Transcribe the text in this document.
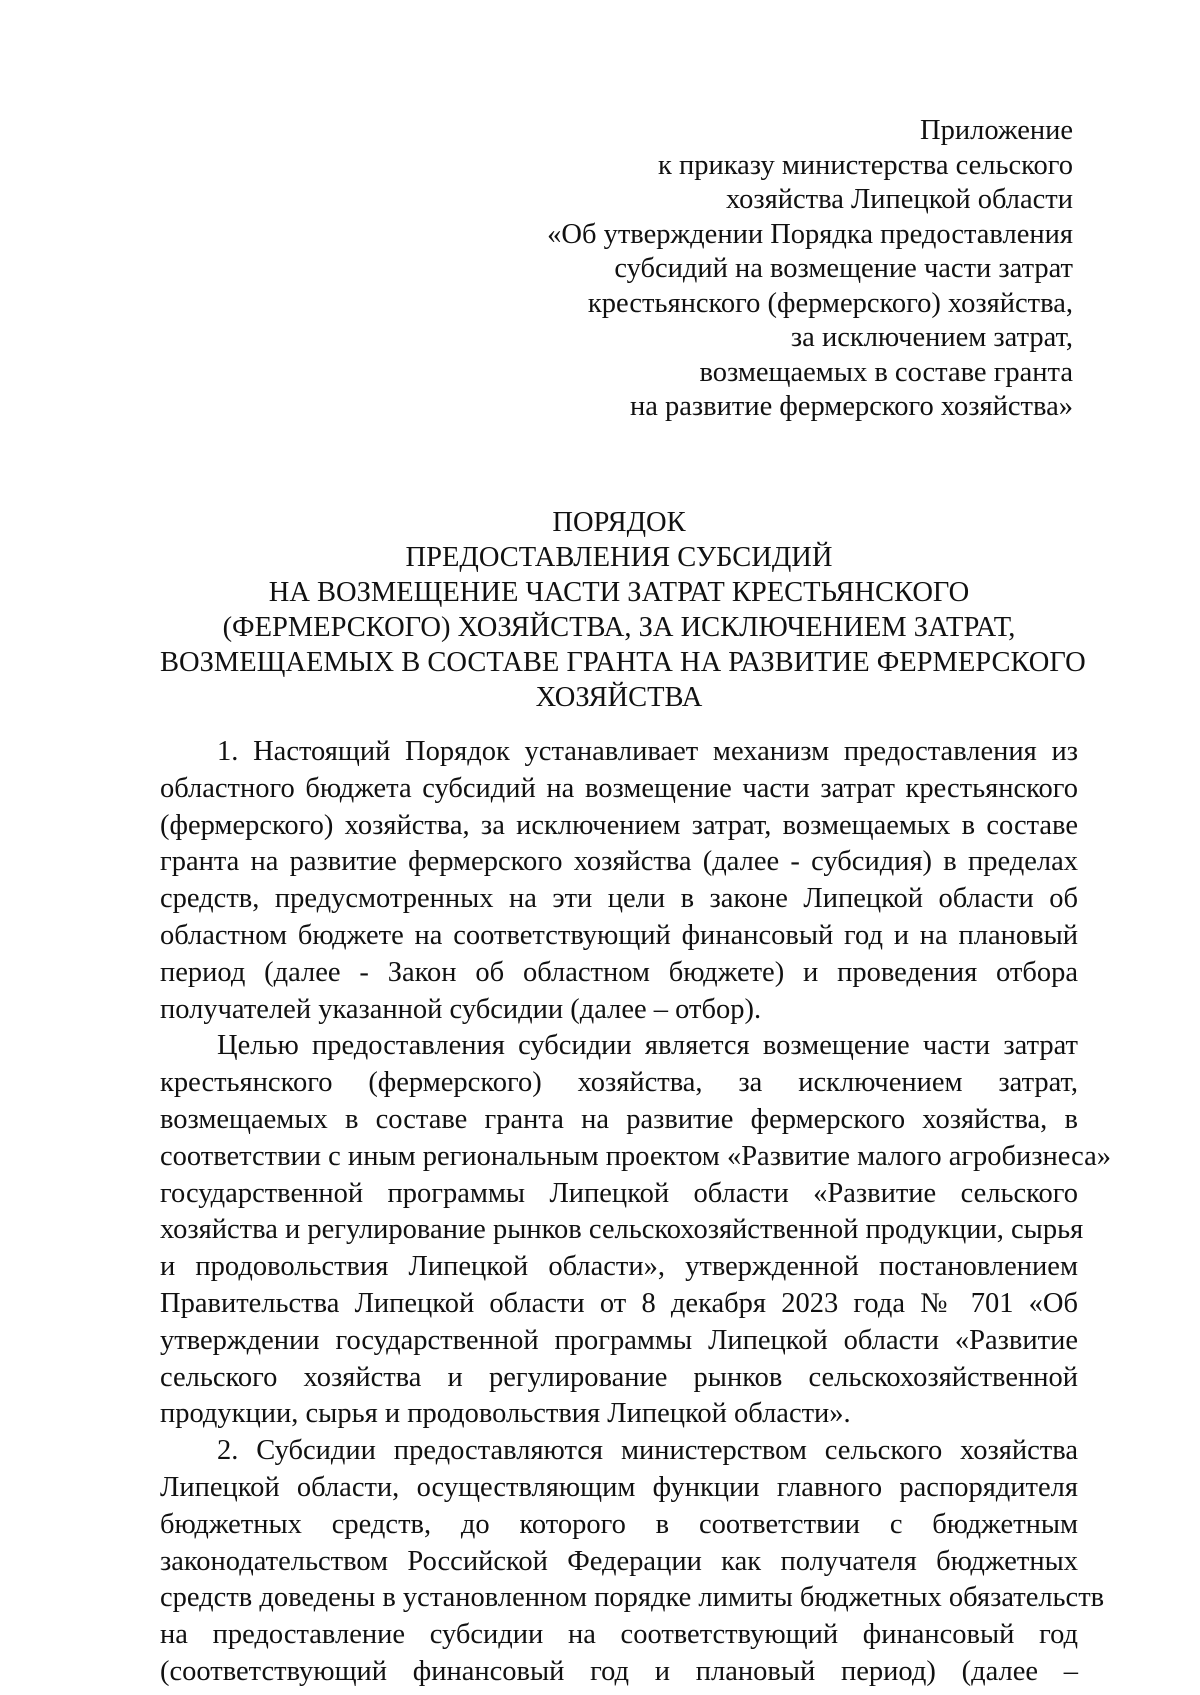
Приложение
к приказу министерства сельского
хозяйства Липецкой области
«Об утверждении Порядка предоставления
субсидий на возмещение части затрат
крестьянского (фермерского) хозяйства,
за исключением затрат,
возмещаемых в составе гранта
на развитие фермерского хозяйства»
ПОРЯДОК
ПРЕДОСТАВЛЕНИЯ СУБСИДИЙ
НА ВОЗМЕЩЕНИЕ ЧАСТИ ЗАТРАТ КРЕСТЬЯНСКОГО
(ФЕРМЕРСКОГО) ХОЗЯЙСТВА, ЗА ИСКЛЮЧЕНИЕМ ЗАТРАТ,
ВОЗМЕЩАЕМЫХ В СОСТАВЕ ГРАНТА НА РАЗВИТИЕ ФЕРМЕРСКОГО
ХОЗЯЙСТВА
1. Настоящий Порядок устанавливает механизм предоставления из
областного бюджета субсидий на возмещение части затрат крестьянского
(фермерского) хозяйства, за исключением затрат, возмещаемых в составе
гранта на развитие фермерского хозяйства (далее - субсидия) в пределах
средств, предусмотренных на эти цели в законе Липецкой области об
областном бюджете на соответствующий финансовый год и на плановый
период (далее - Закон об областном бюджете) и проведения отбора
получателей указанной субсидии (далее – отбор).
Целью предоставления субсидии является возмещение части затрат
крестьянского (фермерского) хозяйства, за исключением затрат,
возмещаемых в составе гранта на развитие фермерского хозяйства, в
соответствии с иным региональным проектом «Развитие малого агробизнеса»
государственной программы Липецкой области «Развитие сельского
хозяйства и регулирование рынков сельскохозяйственной продукции, сырья
и продовольствия Липецкой области», утвержденной постановлением
Правительства Липецкой области от 8 декабря 2023 года № 701 «Об
утверждении государственной программы Липецкой области «Развитие
сельского хозяйства и регулирование рынков сельскохозяйственной
продукции, сырья и продовольствия Липецкой области».
2. Субсидии предоставляются министерством сельского хозяйства
Липецкой области, осуществляющим функции главного распорядителя
бюджетных средств, до которого в соответствии с бюджетным
законодательством Российской Федерации как получателя бюджетных
средств доведены в установленном порядке лимиты бюджетных обязательств
на предоставление субсидии на соответствующий финансовый год
(соответствующий финансовый год и плановый период) (далее –
